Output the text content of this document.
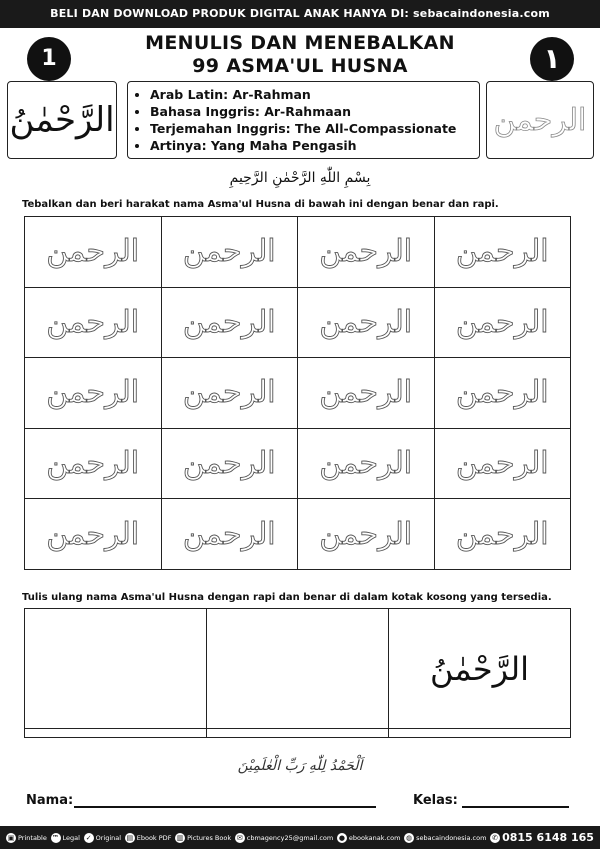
BELI DAN DOWNLOAD PRODUK DIGITAL ANAK HANYA DI: sebacaindonesia.com
1
MENULIS DAN MENEBALKAN
99 ASMA'UL HUSNA	١
الرَّحْمٰنُ
• Arab Latin: Ar-Rahman
• Bahasa Inggris: Ar-Rahmaan
• Terjemahan Inggris: The All-Compassionate
• Artinya: Yang Maha Pengasih
الرحمن
بِسْمِ اللّٰهِ الرَّحْمٰنِ الرَّحِيمِ
Tebalkan dan beri harakat nama Asma'ul Husna di bawah ini dengan benar dan rapi.
الرحمن	الرحمن	الرحمن	الرحمن
الرحمن	الرحمن	الرحمن	الرحمن
الرحمن	الرحمن	الرحمن	الرحمن
الرحمن	الرحمن	الرحمن	الرحمن
الرحمن	الرحمن	الرحمن	الرحمن
Tulis ulang nama Asma'ul Husna dengan rapi dan benar di dalam kotak kosong yang tersedia.
		الرَّحْمٰنُ

اَلْحَمْدُ لِلّٰهِ رَبِّ الْعٰلَمِيْنَ
Nama:	Kelas:
▣ Printable ™ Legal ✓ Original ▤ Ebook PDF ▥ Pictures Book ✉ cbmagency25@gmail.com ● ebookanak.com ◍ sebacaindonesia.com ✆ 0815 6148 165
